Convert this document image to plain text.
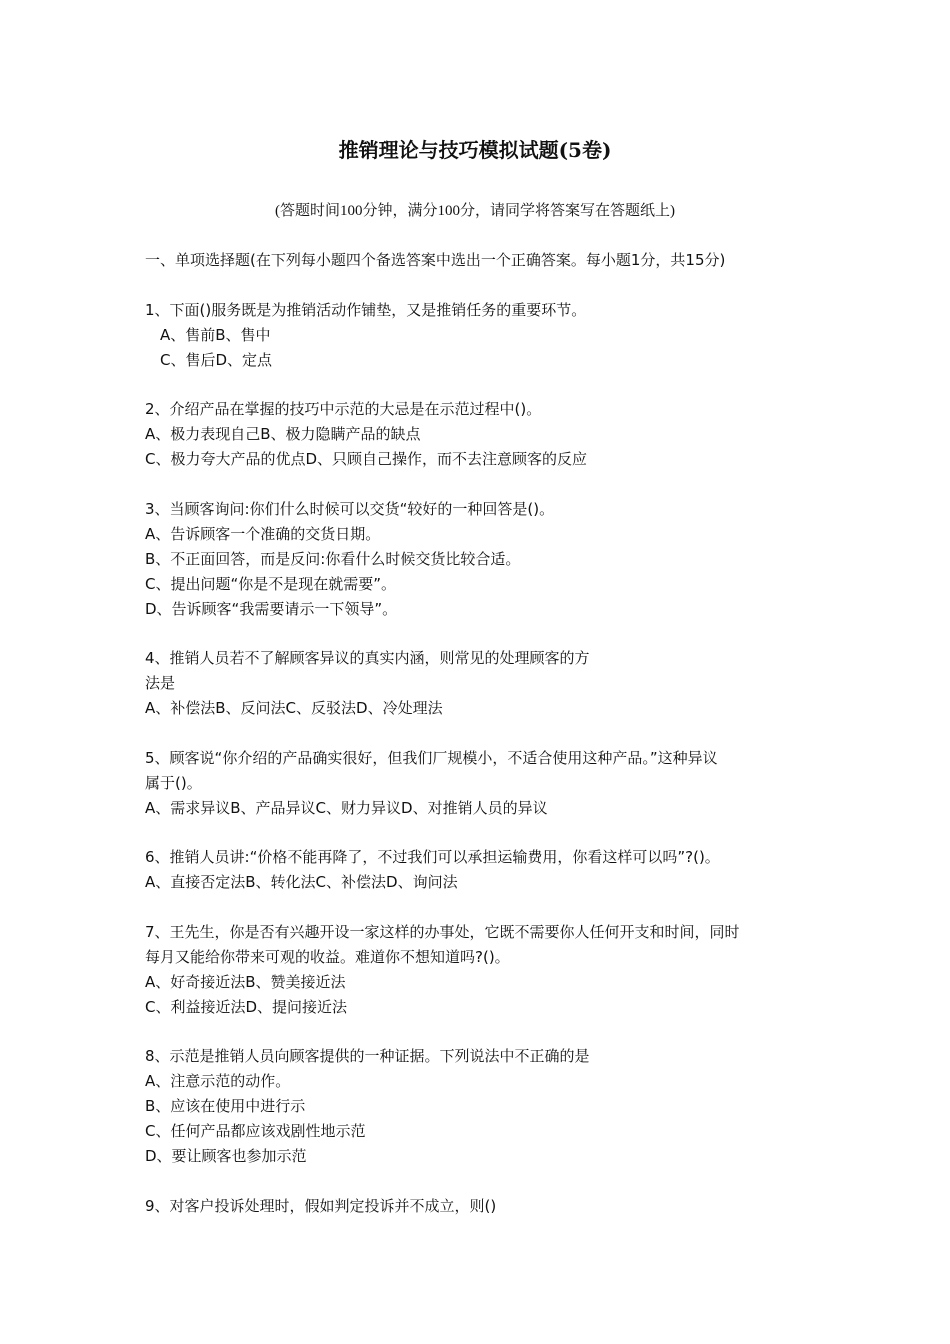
推销理论与技巧模拟试题(5卷)
(答题时间100分钟，满分100分，请同学将答案写在答题纸上)
一、单项选择题(在下列每小题四个备选答案中选出一个正确答案。每小题1分，共15分)
1、下面()服务既是为推销活动作铺垫，又是推销任务的重要环节。
A、售前B、售中
C、售后D、定点
2、介绍产品在掌握的技巧中示范的大忌是在示范过程中()。
A、极力表现自己B、极力隐瞒产品的缺点
C、极力夸大产品的优点D、只顾自己操作，而不去注意顾客的反应
3、当顾客询问:你们什么时候可以交货“较好的一种回答是()。
A、告诉顾客一个准确的交货日期。
B、不正面回答，而是反问:你看什么时候交货比较合适。
C、提出问题“你是不是现在就需要”。
D、告诉顾客“我需要请示一下领导”。
4、推销人员若不了解顾客异议的真实内涵，则常见的处理顾客的方
法是
A、补偿法B、反问法C、反驳法D、冷处理法
5、顾客说“你介绍的产品确实很好，但我们厂规模小，不适合使用这种产品。”这种异议
属于()。
A、需求异议B、产品异议C、财力异议D、对推销人员的异议
6、推销人员讲:“价格不能再降了，不过我们可以承担运输费用，你看这样可以吗”?()。
A、直接否定法B、转化法C、补偿法D、询问法
7、王先生，你是否有兴趣开设一家这样的办事处，它既不需要你人任何开支和时间，同时
每月又能给你带来可观的收益。难道你不想知道吗?()。
A、好奇接近法B、赞美接近法
C、利益接近法D、提问接近法
8、示范是推销人员向顾客提供的一种证据。下列说法中不正确的是
A、注意示范的动作。
B、应该在使用中进行示
C、任何产品都应该戏剧性地示范
D、要让顾客也参加示范
9、对客户投诉处理时，假如判定投诉并不成立，则()
